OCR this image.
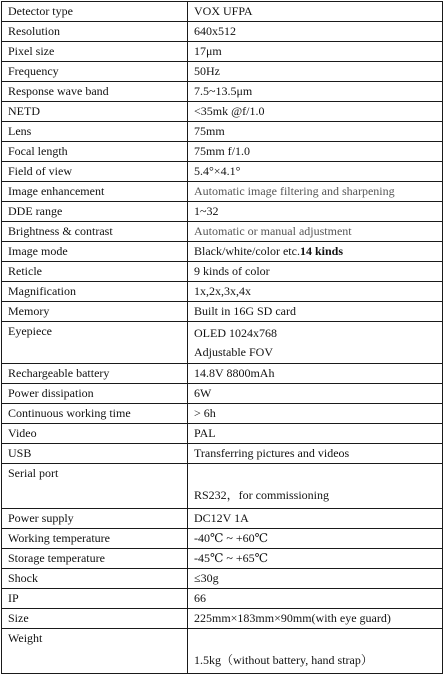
Detector type	VOX UFPA
Resolution	640x512
Pixel size	17μm
Frequency	50Hz
Response wave band	7.5~13.5μm
NETD	<35mk @f/1.0
Lens	75mm
Focal length	75mm f/1.0
Field of view	5.4°×4.1°
Image enhancement	Automatic image filtering and sharpening
DDE range	1~32
Brightness & contrast	Automatic or manual adjustment
Image mode	Black/white/color etc.14 kinds
Reticle	9 kinds of color
Magnification	1x,2x,3x,4x
Memory	Built in 16G SD card
Eyepiece	OLED 1024x768
Adjustable FOV

Rechargeable battery	14.8V 8800mAh
Power dissipation	6W
Continuous working time	> 6h
Video	PAL
USB	Transferring pictures and videos
Serial port	RS232，for commissioning
Power supply	DC12V 1A
Working temperature	-40℃ ~ +60℃
Storage temperature	-45℃ ~ +65℃
Shock	≤30g
IP	66
Size	225mm×183mm×90mm(with eye guard)
Weight	1.5kg（without battery, hand strap）
